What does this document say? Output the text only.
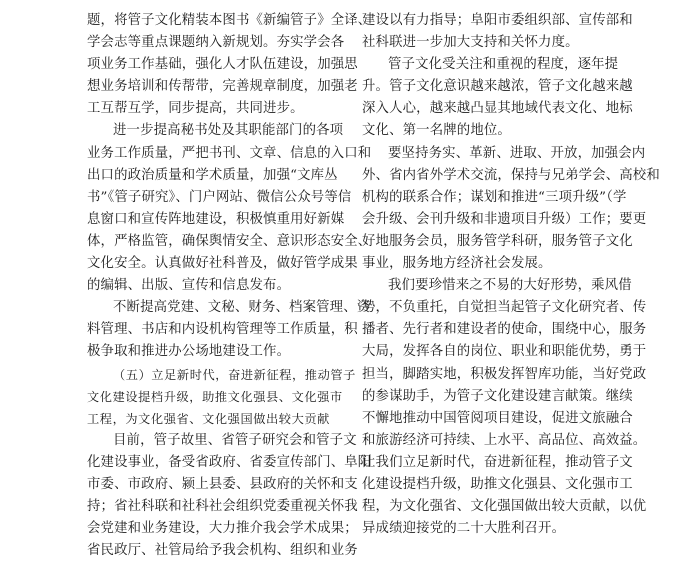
题，将管子文化精装本图书《新编管子》全译、
学会志等重点课题纳入新规划。夯实学会各
项业务工作基础，强化人才队伍建设，加强思
想业务培训和传帮带，完善规章制度，加强老
工互帮互学，同步提高，共同进步。
进一步提高秘书处及其职能部门的各项
业务工作质量，严把书刊、文章、信息的入口和
出口的政治质量和学术质量，加强“文库丛
书”《管子研究》、门户网站、微信公众号等信
息窗口和宣传阵地建设，积极慎重用好新媒
体，严格监管，确保舆情安全、意识形态安全、
文化安全。认真做好社科普及，做好管学成果
的编辑、出版、宣传和信息发布。
不断提高党建、文秘、财务、档案管理、资
料管理、书店和内设机构管理等工作质量，积
极争取和推进办公场地建设工作。
（五）立足新时代，奋进新征程，推动管子
文化建设提档升级，助推文化强县、文化强市
工程，为文化强省、文化强国做出较大贡献
目前，管子故里、省管子研究会和管子文
化建设事业，备受省政府、省委宣传部门、阜阳
市委、市政府、颍上县委、县政府的关怀和支
持；省社科联和社科社会组织党委重视关怀我
会党建和业务建设，大力推介我会学术成果；
省民政厅、社管局给予我会机构、组织和业务
建设以有力指导；阜阳市委组织部、宣传部和
社科联进一步加大支持和关怀力度。
管子文化受关注和重视的程度，逐年提
升。管子文化意识越来越浓，管子文化越来越
深入人心，越来越凸显其地域代表文化、地标
文化、第一名牌的地位。
要坚持务实、革新、进取、开放，加强会内
外、省内省外学术交流，保持与兄弟学会、高校和
机构的联系合作；谋划和推进“三项升级”（学
会升级、会刊升级和非遗项目升级）工作；要更
好地服务会员，服务管学科研，服务管子文化
事业，服务地方经济社会发展。
我们要珍惜来之不易的大好形势，乘风借
势，不负重托，自觉担当起管子文化研究者、传
播者、先行者和建设者的使命，围绕中心，服务
大局，发挥各自的岗位、职业和职能优势，勇于
担当，脚踏实地，积极发挥智库功能，当好党政
的参谋助手，为管子文化建设建言献策。继续
不懈地推动中国管阅项目建设，促进文旅融合
和旅游经济可持续、上水平、高品位、高效益。
让我们立足新时代，奋进新征程，推动管子文
化建设提档升级，助推文化强县、文化强市工
程，为文化强省、文化强国做出较大贡献，以优
异成绩迎接党的二十大胜利召开。
